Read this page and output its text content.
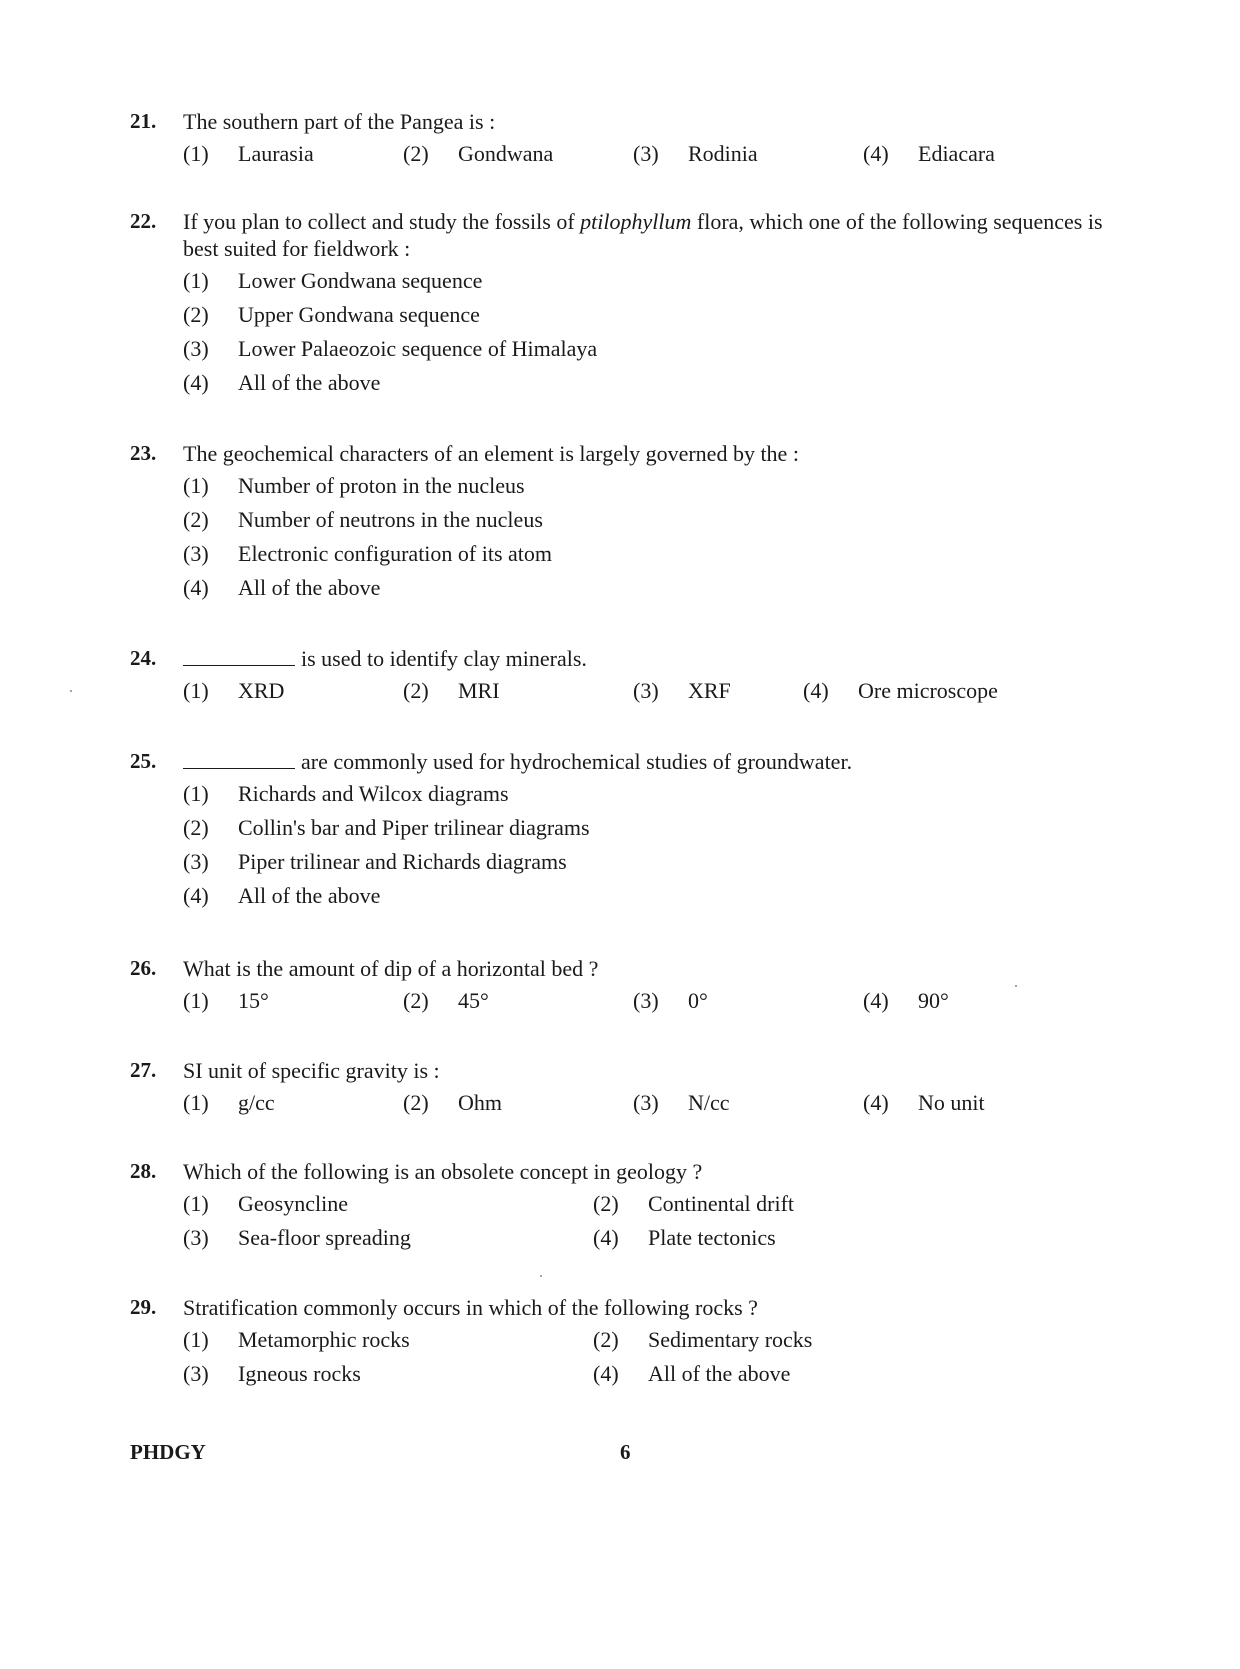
21. The southern part of the Pangea is :
(1) Laurasia	(2) Gondwana	(3) Rodinia	(4) Ediacara
22. If you plan to collect and study the fossils of ptilophyllum flora, which one of the following sequences is best suited for fieldwork :
(1) Lower Gondwana sequence
(2) Upper Gondwana sequence
(3) Lower Palaeozoic sequence of Himalaya
(4) All of the above
23. The geochemical characters of an element is largely governed by the :
(1) Number of proton in the nucleus
(2) Number of neutrons in the nucleus
(3) Electronic configuration of its atom
(4) All of the above
24.	is used to identify clay minerals.
(1) XRD	(2) MRI	(3) XRF	(4) Ore microscope
25.	are commonly used for hydrochemical studies of groundwater.
(1) Richards and Wilcox diagrams
(2) Collin's bar and Piper trilinear diagrams
(3) Piper trilinear and Richards diagrams
(4) All of the above
26. What is the amount of dip of a horizontal bed ?
(1) 15°	(2) 45°	(3) 0°	(4) 90°
27. SI unit of specific gravity is :
(1) g/cc	(2) Ohm	(3) N/cc	(4) No unit
28. Which of the following is an obsolete concept in geology ?
(1) Geosyncline	(2) Continental drift
(3) Sea-floor spreading	(4) Plate tectonics
29. Stratification commonly occurs in which of the following rocks ?
(1) Metamorphic rocks	(2) Sedimentary rocks
(3) Igneous rocks	(4) All of the above
PHDGY	6
